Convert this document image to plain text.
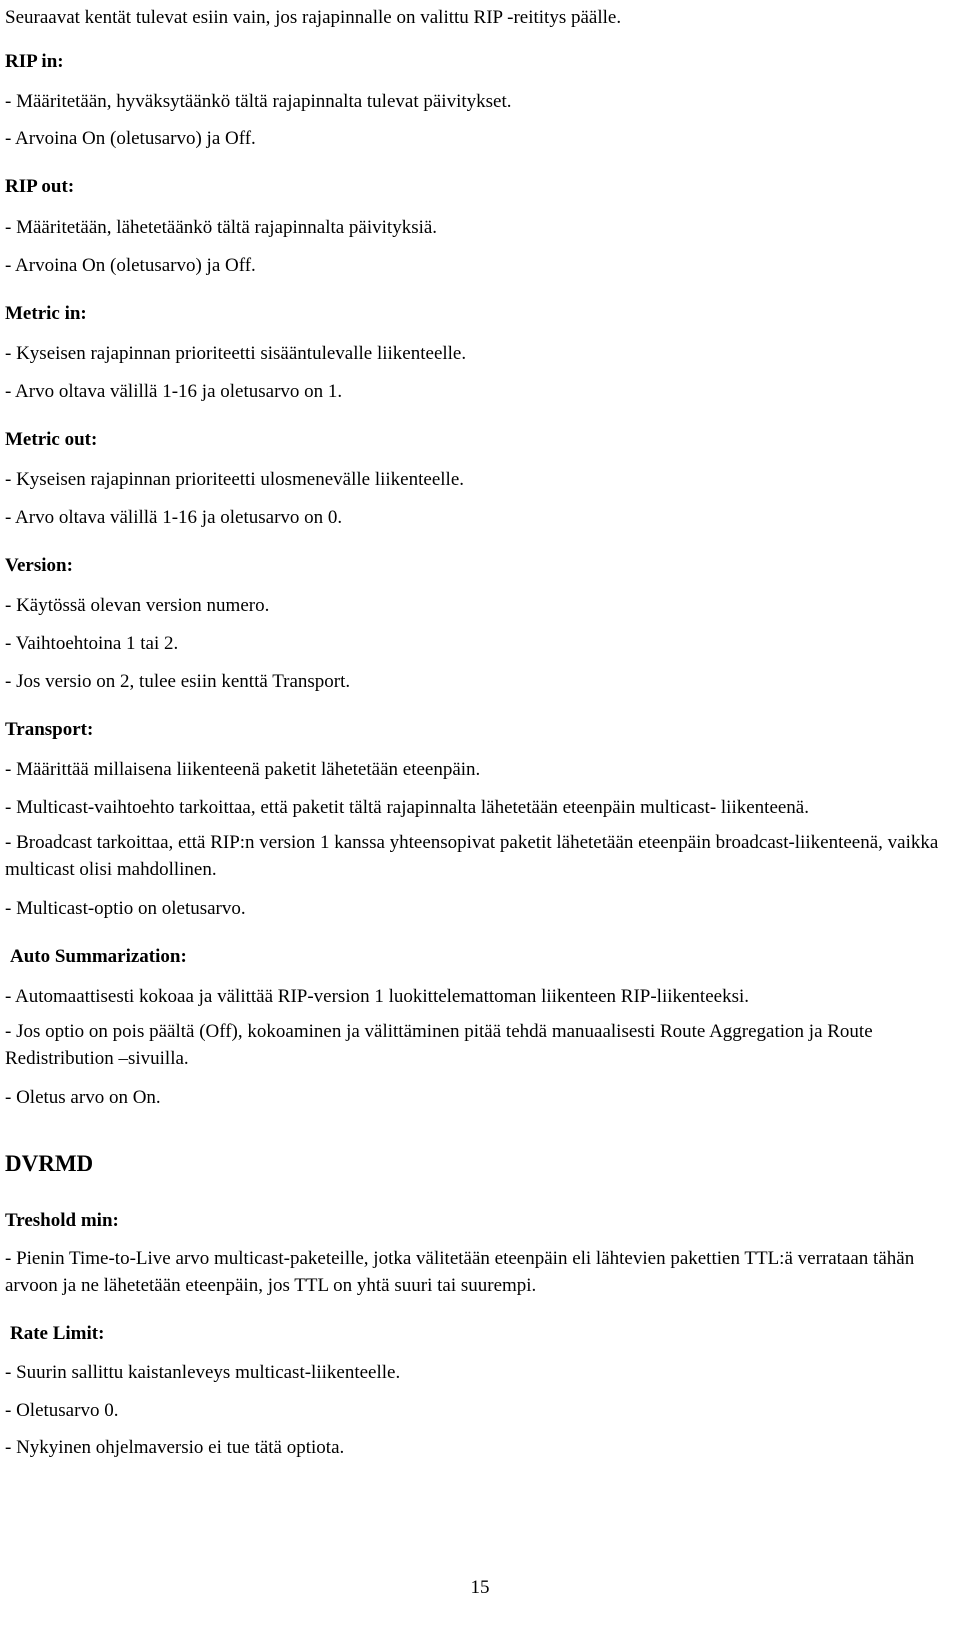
Seuraavat kentät tulevat esiin vain, jos rajapinnalle on valittu RIP -reititys päälle.
RIP in:
- Määritetään, hyväksytäänkö tältä rajapinnalta tulevat päivitykset.
- Arvoina On (oletusarvo) ja Off.
RIP out:
- Määritetään, lähetetäänkö tältä rajapinnalta päivityksiä.
- Arvoina On (oletusarvo) ja Off.
Metric in:
- Kyseisen rajapinnan prioriteetti sisääntulevalle liikenteelle.
- Arvo oltava välillä 1-16 ja oletusarvo on 1.
Metric out:
- Kyseisen rajapinnan prioriteetti ulosmenevälle liikenteelle.
- Arvo oltava välillä 1-16 ja oletusarvo on 0.
Version:
- Käytössä olevan version numero.
- Vaihtoehtoina 1 tai 2.
- Jos versio on 2, tulee esiin kenttä Transport.
Transport:
- Määrittää millaisena liikenteenä paketit lähetetään eteenpäin.
- Multicast-vaihtoehto tarkoittaa, että paketit tältä rajapinnalta lähetetään eteenpäin multicast- liikenteenä.
- Broadcast tarkoittaa, että RIP:n version 1 kanssa yhteensopivat paketit lähetetään eteenpäin broadcast-liikenteenä, vaikka multicast olisi mahdollinen.
- Multicast-optio on oletusarvo.
Auto Summarization:
- Automaattisesti kokoaa ja välittää RIP-version 1 luokittelemattoman liikenteen RIP-liikenteeksi.
- Jos optio on pois päältä (Off), kokoaminen ja välittäminen pitää tehdä manuaalisesti Route Aggregation ja Route Redistribution –sivuilla.
- Oletus arvo on On.
DVRMD
Treshold min:
- Pienin Time-to-Live arvo multicast-paketeille, jotka välitetään eteenpäin eli lähtevien pakettien TTL:ä verrataan tähän arvoon ja ne lähetetään eteenpäin, jos TTL on yhtä suuri tai suurempi.
Rate Limit:
- Suurin sallittu kaistanleveys multicast-liikenteelle.
- Oletusarvo 0.
- Nykyinen ohjelmaversio ei tue tätä optiota.
15
